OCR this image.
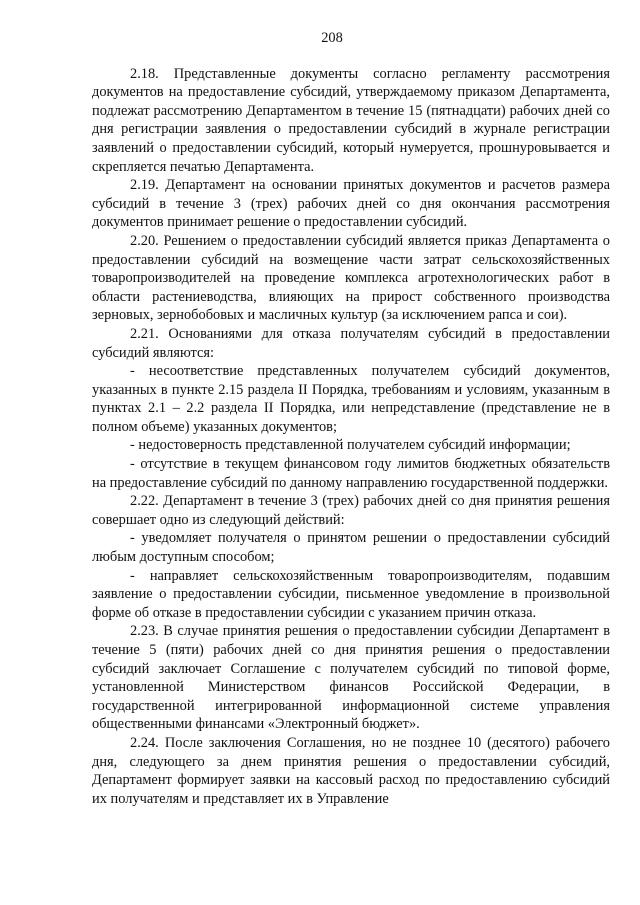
208

2.18. Представленные документы согласно регламенту рассмотрения документов на предоставление субсидий, утверждаемому приказом Департамента, подлежат рассмотрению Департаментом в течение 15 (пятнадцати) рабочих дней со дня регистрации заявления о предоставлении субсидий в журнале регистрации заявлений о предоставлении субсидий, который нумеруется, прошнуровывается и скрепляется печатью Департамента.

2.19. Департамент на основании принятых документов и расчетов размера субсидий в течение 3 (трех) рабочих дней со дня окончания рассмотрения документов принимает решение о предоставлении субсидий.

2.20. Решением о предоставлении субсидий является приказ Департамента о предоставлении субсидий на возмещение части затрат сельскохозяйственных товаропроизводителей на проведение комплекса агротехнологических работ в области растениеводства, влияющих на прирост собственного производства зерновых, зернобобовых и масличных культур (за исключением рапса и сои).

2.21. Основаниями для отказа получателям субсидий в предоставлении субсидий являются:

- несоответствие представленных получателем субсидий документов, указанных в пункте 2.15 раздела II Порядка, требованиям и условиям, указанным в пунктах 2.1 – 2.2 раздела II Порядка, или непредставление (представление не в полном объеме) указанных документов;

- недостоверность представленной получателем субсидий информации;

- отсутствие в текущем финансовом году лимитов бюджетных обязательств на предоставление субсидий по данному направлению государственной поддержки.

2.22. Департамент в течение 3 (трех) рабочих дней со дня принятия решения совершает одно из следующий действий:

- уведомляет получателя о принятом решении о предоставлении субсидий любым доступным способом;

- направляет сельскохозяйственным товаропроизводителям, подавшим заявление о предоставлении субсидии, письменное уведомление в произвольной форме об отказе в предоставлении субсидии с указанием причин отказа.

2.23. В случае принятия решения о предоставлении субсидии Департамент в течение 5 (пяти) рабочих дней со дня принятия решения о предоставлении субсидий заключает Соглашение с получателем субсидий по типовой форме, установленной Министерством финансов Российской Федерации, в государственной интегрированной информационной системе управления общественными финансами «Электронный бюджет».

2.24. После заключения Соглашения, но не позднее 10 (десятого) рабочего дня, следующего за днем принятия решения о предоставлении субсидий, Департамент формирует заявки на кассовый расход по предоставлению субсидий их получателям и представляет их в Управление
